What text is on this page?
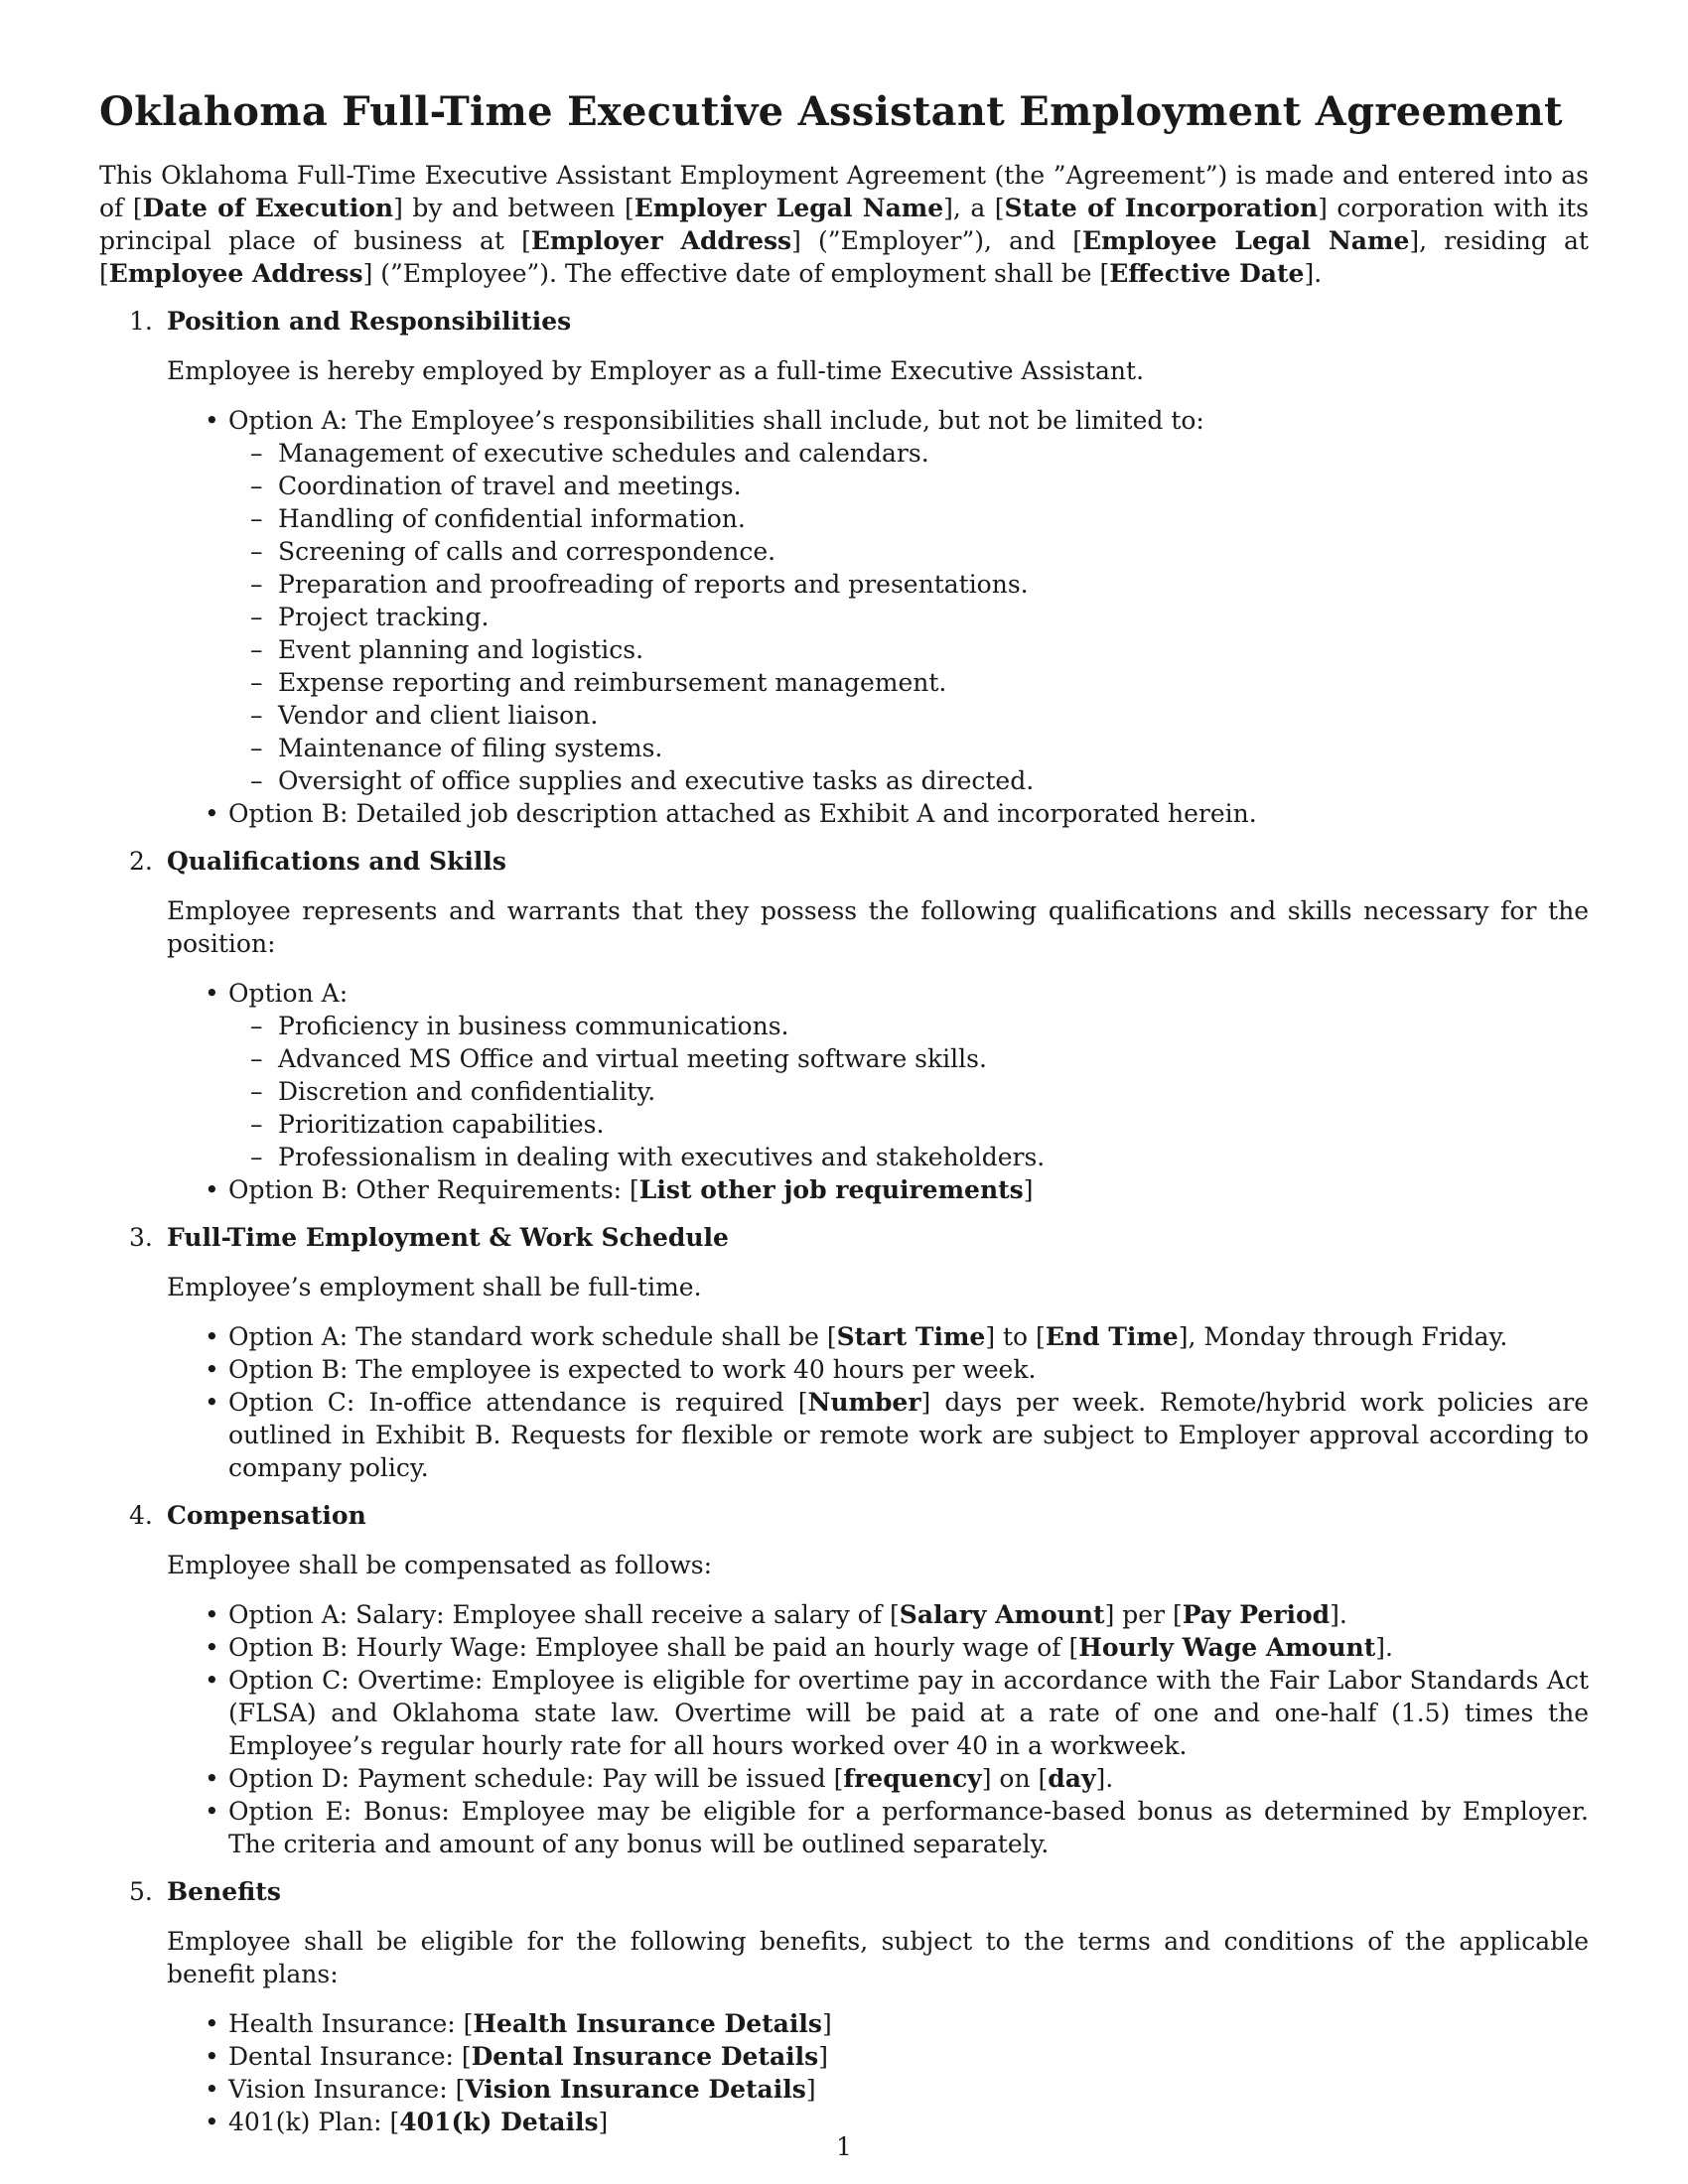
Oklahoma Full-Time Executive Assistant Employment Agreement

This Oklahoma Full-Time Executive Assistant Employment Agreement (the ”Agreement”) is made and entered into as of [Date of Execution] by and between [Employer Legal Name], a [State of Incorporation] corporation with its principal place of business at [Employer Address] (”Employer”), and [Employee Legal Name], residing at [Employee Address] (”Employee”). The effective date of employment shall be [Effective Date].

1. Position and Responsibilities

Employee is hereby employed by Employer as a full-time Executive Assistant.

• Option A: The Employee’s responsibilities shall include, but not be limited to:
– Management of executive schedules and calendars.
– Coordination of travel and meetings.
– Handling of confidential information.
– Screening of calls and correspondence.
– Preparation and proofreading of reports and presentations.
– Project tracking.
– Event planning and logistics.
– Expense reporting and reimbursement management.
– Vendor and client liaison.
– Maintenance of filing systems.
– Oversight of office supplies and executive tasks as directed.
• Option B: Detailed job description attached as Exhibit A and incorporated herein.
2. Qualifications and Skills

Employee represents and warrants that they possess the following qualifications and skills necessary for the position:

• Option A:
– Proficiency in business communications.
– Advanced MS Office and virtual meeting software skills.
– Discretion and confidentiality.
– Prioritization capabilities.
– Professionalism in dealing with executives and stakeholders.
• Option B: Other Requirements: [List other job requirements]
3. Full-Time Employment & Work Schedule

Employee’s employment shall be full-time.

• Option A: The standard work schedule shall be [Start Time] to [End Time], Monday through Friday.
• Option B: The employee is expected to work 40 hours per week.
• Option C: In-office attendance is required [Number] days per week. Remote/hybrid work policies are outlined in Exhibit B. Requests for flexible or remote work are subject to Employer approval according to company policy.
4. Compensation

Employee shall be compensated as follows:

• Option A: Salary: Employee shall receive a salary of [Salary Amount] per [Pay Period].
• Option B: Hourly Wage: Employee shall be paid an hourly wage of [Hourly Wage Amount].
• Option C: Overtime: Employee is eligible for overtime pay in accordance with the Fair Labor Standards Act (FLSA) and Oklahoma state law. Overtime will be paid at a rate of one and one-half (1.5) times the Employee’s regular hourly rate for all hours worked over 40 in a workweek.
• Option D: Payment schedule: Pay will be issued [frequency] on [day].
• Option E: Bonus: Employee may be eligible for a performance-based bonus as determined by Employer. The criteria and amount of any bonus will be outlined separately.
5. Benefits

Employee shall be eligible for the following benefits, subject to the terms and conditions of the applicable benefit plans:

• Health Insurance: [Health Insurance Details]
• Dental Insurance: [Dental Insurance Details]
• Vision Insurance: [Vision Insurance Details]
• 401(k) Plan: [401(k) Details]
1
